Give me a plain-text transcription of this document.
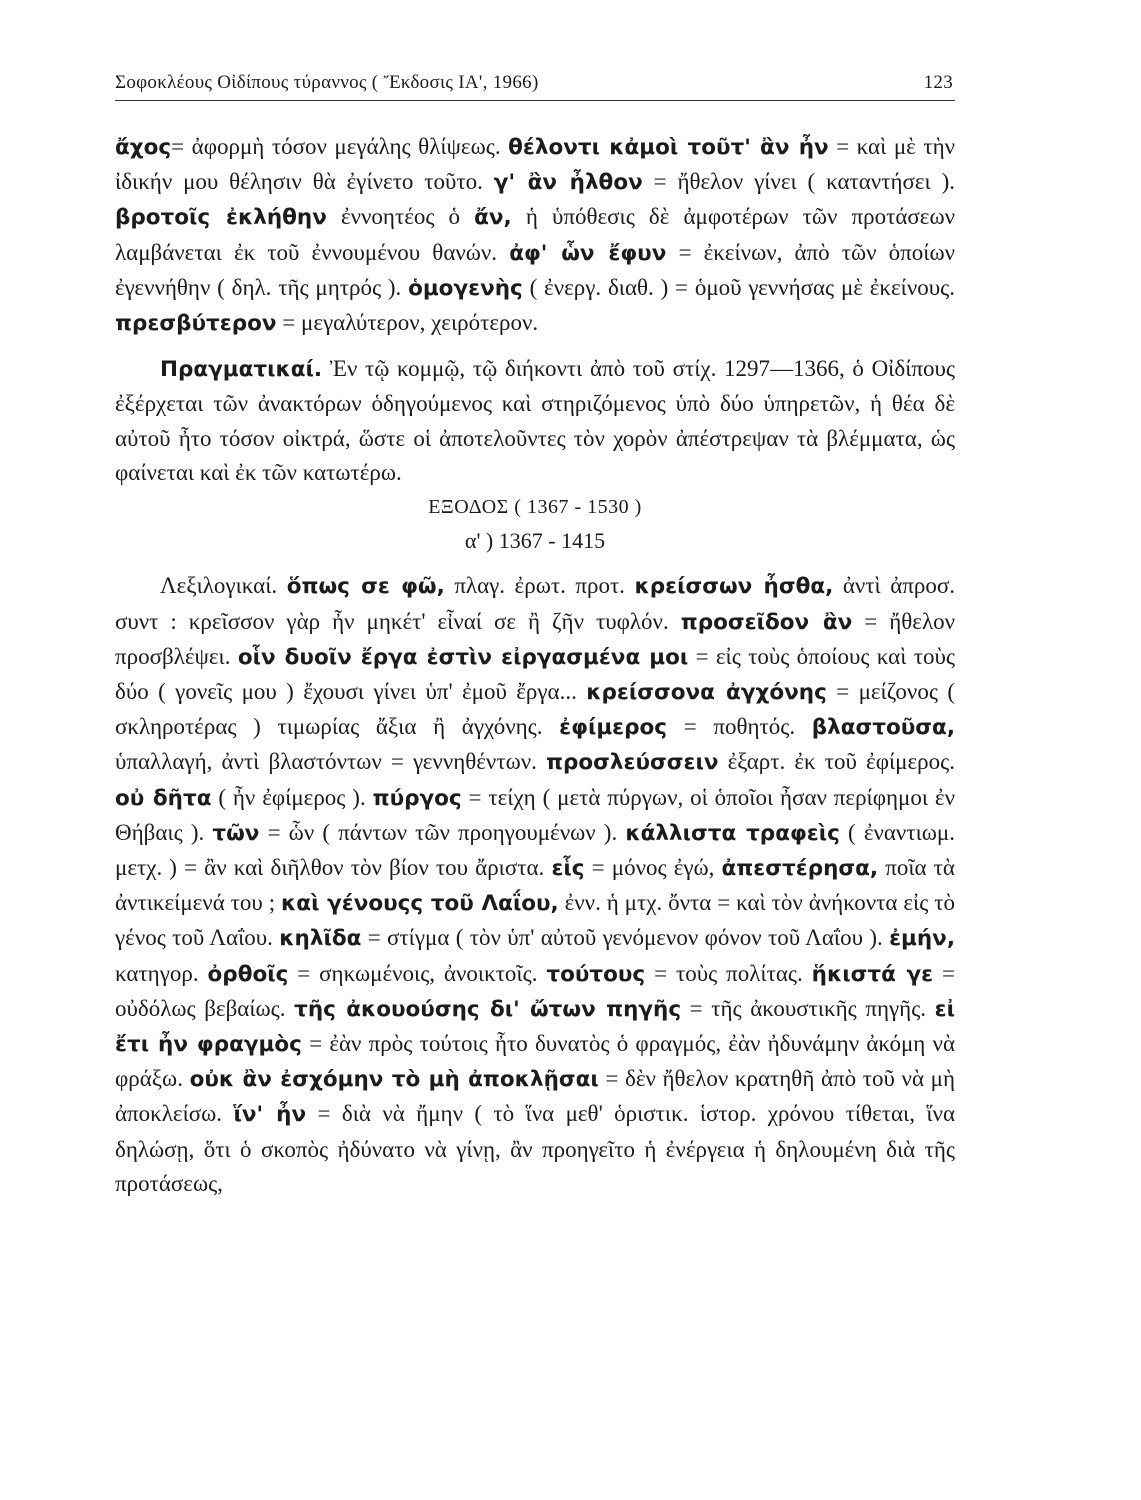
Σοφοκλέους Οἰδίπους τύραννος ( Ἔκδοσις ΙΑ', 1966)	123

ἄχος= ἀφορμὴ τόσον μεγάλης θλίψεως. θέλοντι κἀμοὶ τοῦτ' ἂν ἦν = καὶ μὲ τὴν ἰδικήν μου θέλησιν θὰ ἐγίνετο τοῦτο. γ' ἂν ἦλθον = ἤθελον γίνει ( καταντήσει ). βροτοῖς ἐκλήθην ἐννοητέος ὁ ἄν, ἡ ὑπόθεσις δὲ ἀμφοτέρων τῶν προτάσεων λαμβάνεται ἐκ τοῦ ἐννουμένου θανών. ἀφ' ὧν ἔφυν = ἐκείνων, ἀπὸ τῶν ὁποίων ἐγεννήθην ( δηλ. τῆς μητρός ). ὁμογενὴς ( ἐνεργ. διαθ. ) = ὁμοῦ γεννήσας μὲ ἐκείνους. πρεσβύτερον = μεγαλύτερον, χειρότερον.

Πραγματικαί. Ἐν τῷ κομμῷ, τῷ διήκοντι ἀπὸ τοῦ στίχ. 1297—1366, ὁ Οἰδίπους ἐξέρχεται τῶν ἀνακτόρων ὁδηγούμενος καὶ στηριζόμενος ὑπὸ δύο ὑπηρετῶν, ἡ θέα δὲ αὐτοῦ ἦτο τόσον οἰκτρά, ὥστε οἱ ἀποτελοῦντες τὸν χορὸν ἀπέστρεψαν τὰ βλέμματα, ὡς φαίνεται καὶ ἐκ τῶν κατωτέρω.

ΕΞΟΔΟΣ ( 1367 - 1530 )

α' ) 1367 - 1415

Λεξιλογικαί. ὅπως σε φῶ, πλαγ. ἐρωτ. προτ. κρείσσων ἦσθα, ἀντὶ ἀπροσ. συντ : κρεῖσσον γὰρ ἦν μηκέτ' εἶναί σε ἢ ζῆν τυφλόν. προσεῖδον ἂν = ἤθελον προσβλέψει. οἷν δυοῖν ἔργα ἐστὶν εἰργασμένα μοι = εἰς τοὺς ὁποίους καὶ τοὺς δύο ( γονεῖς μου ) ἔχουσι γίνει ὑπ' ἐμοῦ ἔργα... κρείσσονα ἀγχόνης = μείζονος ( σκληροτέρας ) τιμωρίας ἄξια ἢ ἀγχόνης. ἐφίμερος = ποθητός. βλαστοῦσα, ὑπαλλαγή, ἀντὶ βλαστόντων = γεννηθέντων. προσλεύσσειν ἐξαρτ. ἐκ τοῦ ἐφίμερος. οὐ δῆτα ( ἦν ἐφίμερος ). πύργος = τείχη ( μετὰ πύργων, οἱ ὁποῖοι ἦσαν περίφημοι ἐν Θήβαις ). τῶν = ὧν ( πάντων τῶν προηγουμένων ). κάλλιστα τραφεὶς ( ἐναντιωμ. μετχ. ) = ἂν καὶ διῆλθον τὸν βίον του ἄριστα. εἷς = μόνος ἐγώ, ἀπεστέρησα, ποῖα τὰ ἀντικείμενά του ; καὶ γένουςς τοῦ Λαΐου, ἐνν. ἡ μτχ. ὄντα = καὶ τὸν ἀνήκοντα εἰς τὸ γένος τοῦ Λαΐου. κηλῖδα = στίγμα ( τὸν ὑπ' αὐτοῦ γενόμενον φόνον τοῦ Λαΐου ). ἐμήν, κατηγορ. ὀρθοῖς = σηκωμένοις, ἀνοικτοῖς. τούτους = τοὺς πολίτας. ἥκιστά γε = οὐδόλως βεβαίως. τῆς ἀκουούσης δι' ὤτων πηγῆς = τῆς ἀκουστικῆς πηγῆς. εἰ ἔτι ἦν φραγμὸς = ἐὰν πρὸς τούτοις ἦτο δυνατὸς ὁ φραγμός, ἐὰν ἠδυνάμην ἀκόμη νὰ φράξω. οὐκ ἂν ἐσχόμην τὸ μὴ ἀποκλῇσαι = δὲν ἤθελον κρατηθῆ ἀπὸ τοῦ νὰ μὴ ἀποκλείσω. ἵν' ἦν = διὰ νὰ ἤμην ( τὸ ἵνα μεθ' ὁριστικ. ἱστορ. χρόνου τίθεται, ἵνα δηλώσῃ, ὅτι ὁ σκοπὸς ἠδύνατο νὰ γίνῃ, ἂν προηγεῖτο ἡ ἐνέργεια ἡ δηλουμένη διὰ τῆς προτάσεως,
